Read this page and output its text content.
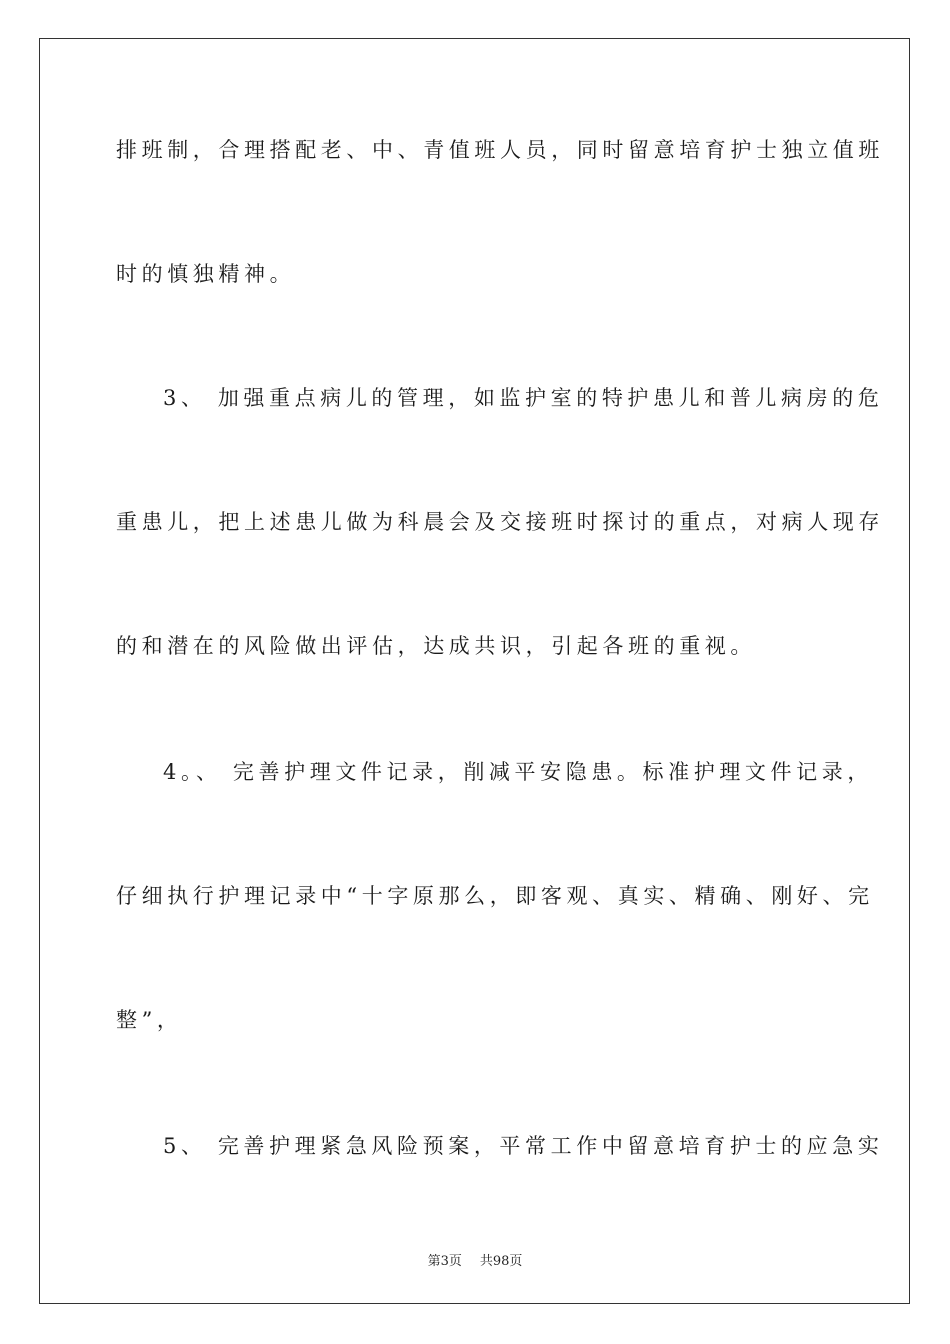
排班制，合理搭配老、中、青值班人员，同时留意培育护士独立值班
时的慎独精神。
3、 加强重点病儿的管理，如监护室的特护患儿和普儿病房的危
重患儿，把上述患儿做为科晨会及交接班时探讨的重点，对病人现存
的和潜在的风险做出评估，达成共识，引起各班的重视。
4。、 完善护理文件记录，削减平安隐患。标准护理文件记录，
仔细执行护理记录中“十字原那么，即客观、真实、精确、刚好、完
整”，
5、 完善护理紧急风险预案，平常工作中留意培育护士的应急实
第3页 共98页
